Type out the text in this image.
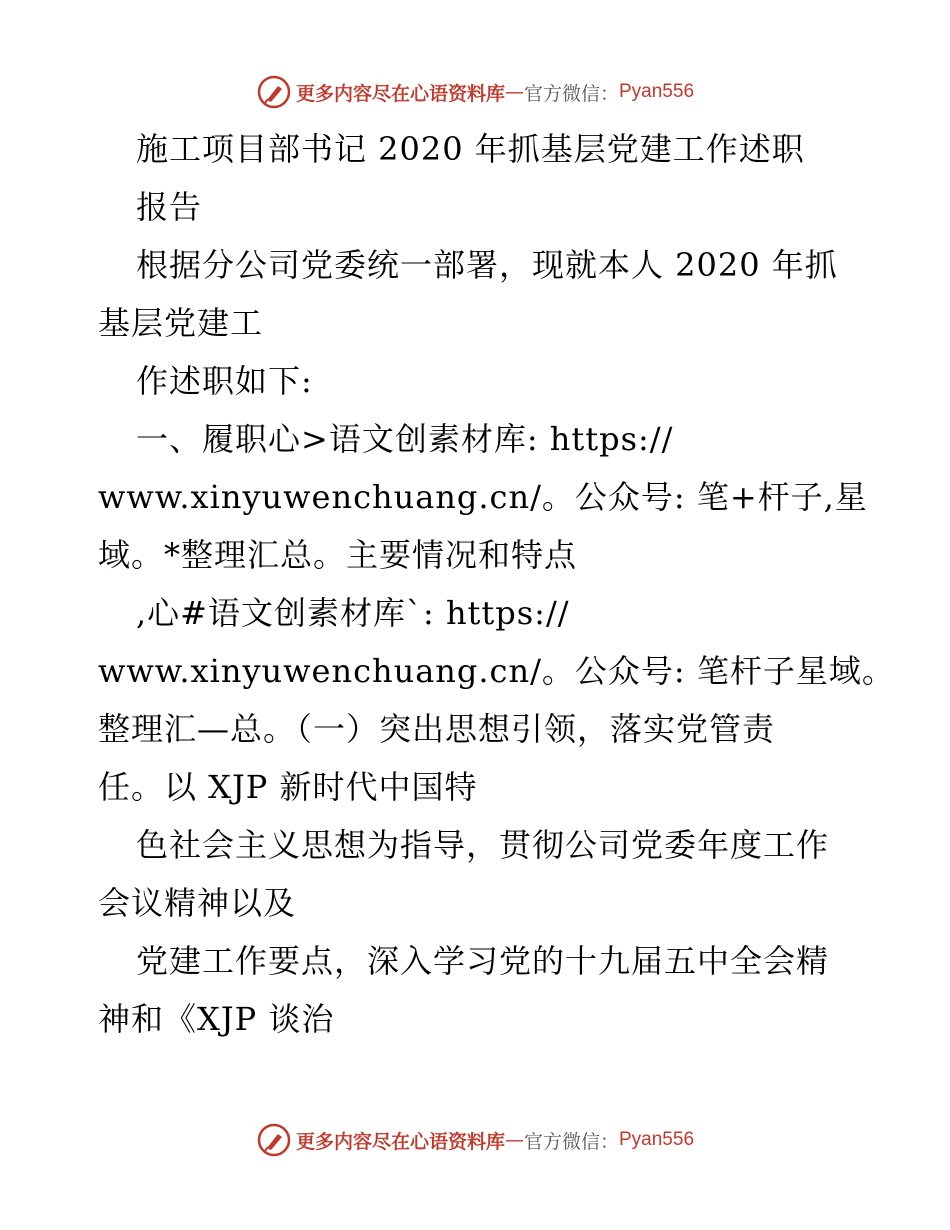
更多内容尽在心语资料库 — 官方微信： Pyan556
施工项目部书记 2020 年抓基层党建工作述职
报告
根据分公司党委统一部署，现就本人 2020 年抓
基层党建工
作述职如下:
一、履职心>语文创素材库: https://
www.xinyuwenchuang.cn/。公众号: 笔+杆子,星
域。*整理汇总。主要情况和特点
,心#语文创素材库`: https://
www.xinyuwenchuang.cn/。公众号: 笔杆子星域。
整理汇—总。（一）突出思想引领，落实党管责
任。以 XJP 新时代中国特
色社会主义思想为指导，贯彻公司党委年度工作
会议精神以及
党建工作要点，深入学习党的十九届五中全会精
神和《XJP 谈治
更多内容尽在心语资料库 — 官方微信： Pyan556
